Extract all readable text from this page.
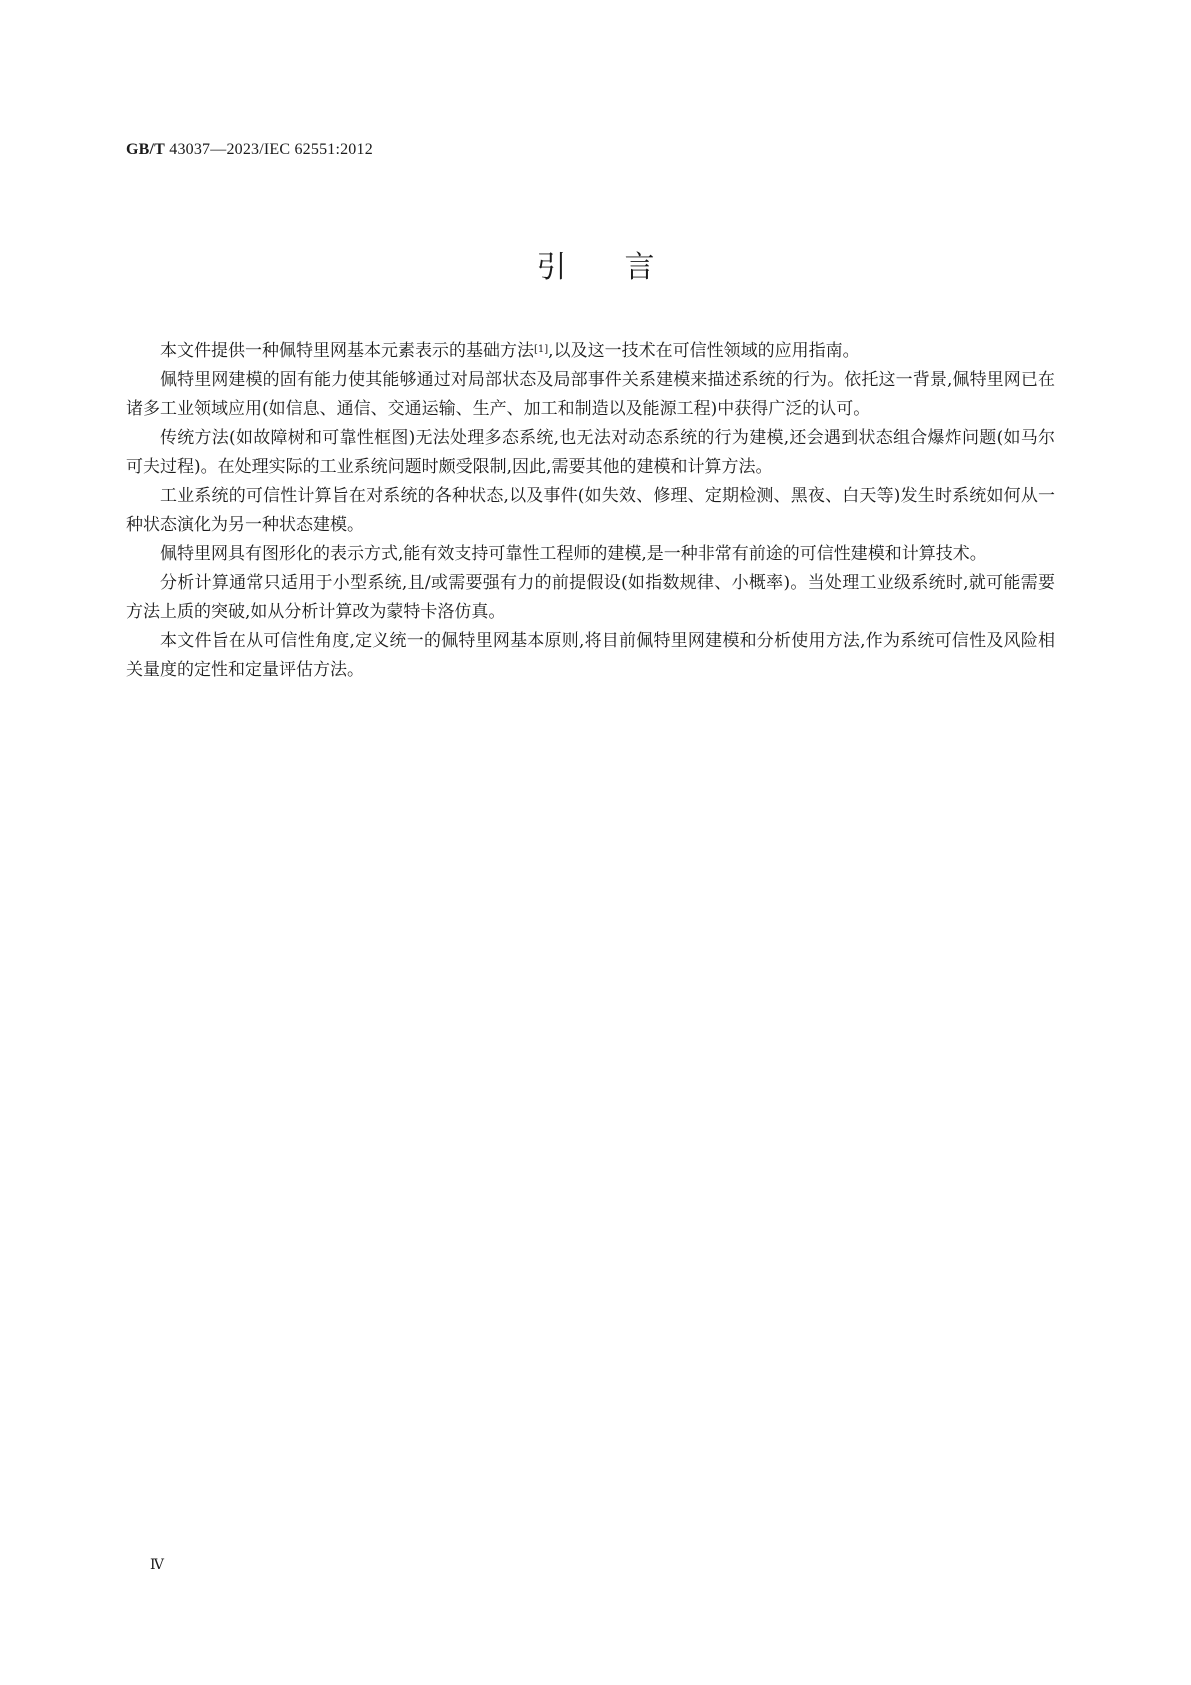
GB/T 43037—2023/IEC 62551:2012
引言

本文件提供一种佩特里网基本元素表示的基础方法[1],以及这一技术在可信性领域的应用指南。

佩特里网建模的固有能力使其能够通过对局部状态及局部事件关系建模来描述系统的行为。依托这一背景,佩特里网已在诸多工业领域应用(如信息、通信、交通运输、生产、加工和制造以及能源工程)中获得广泛的认可。

传统方法(如故障树和可靠性框图)无法处理多态系统,也无法对动态系统的行为建模,还会遇到状态组合爆炸问题(如马尔可夫过程)。在处理实际的工业系统问题时颇受限制,因此,需要其他的建模和计算方法。

工业系统的可信性计算旨在对系统的各种状态,以及事件(如失效、修理、定期检测、黑夜、白天等)发生时系统如何从一种状态演化为另一种状态建模。

佩特里网具有图形化的表示方式,能有效支持可靠性工程师的建模,是一种非常有前途的可信性建模和计算技术。

分析计算通常只适用于小型系统,且/或需要强有力的前提假设(如指数规律、小概率)。当处理工业级系统时,就可能需要方法上质的突破,如从分析计算改为蒙特卡洛仿真。

本文件旨在从可信性角度,定义统一的佩特里网基本原则,将目前佩特里网建模和分析使用方法,作为系统可信性及风险相关量度的定性和定量评估方法。

Ⅳ
